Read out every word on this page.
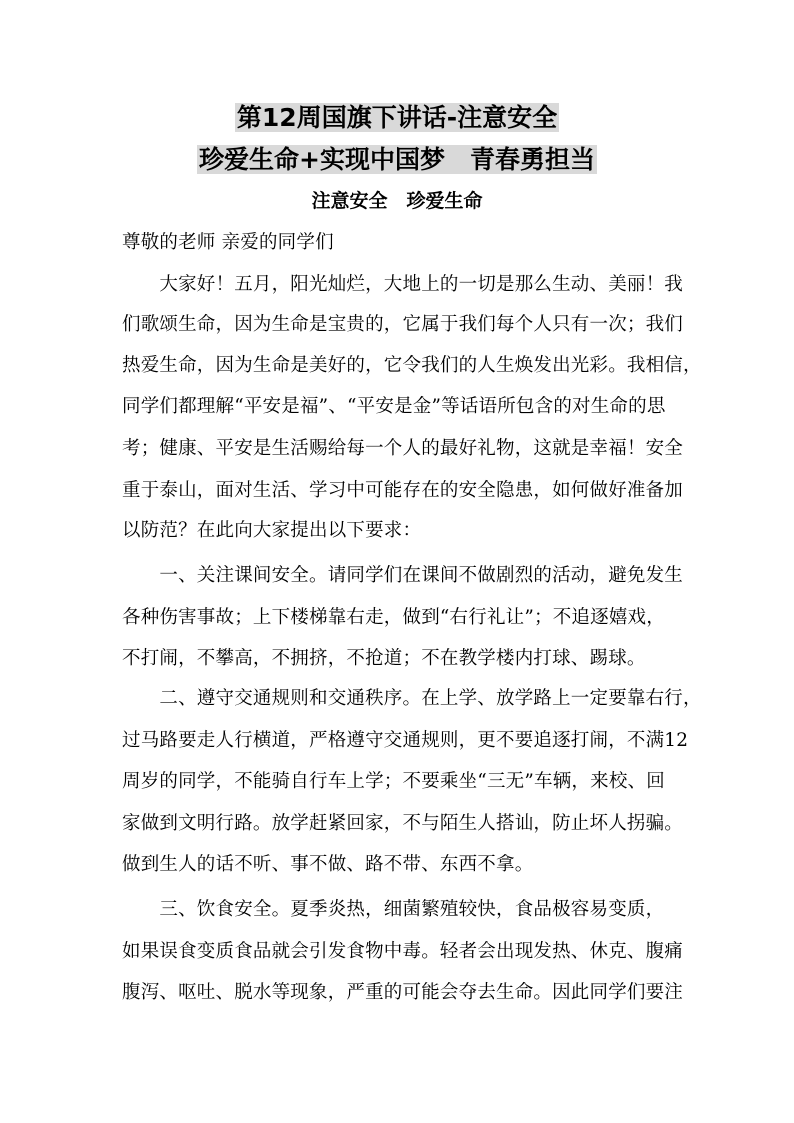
第12周国旗下讲话-注意安全
珍爱生命+实现中国梦　青春勇担当
注意安全　珍爱生命
尊敬的老师 亲爱的同学们
　　大家好！五月，阳光灿烂，大地上的一切是那么生动、美丽！我
们歌颂生命，因为生命是宝贵的，它属于我们每个人只有一次；我们
热爱生命，因为生命是美好的，它令我们的人生焕发出光彩。我相信，
同学们都理解“平安是福”、“平安是金”等话语所包含的对生命的思
考；健康、平安是生活赐给每一个人的最好礼物，这就是幸福！安全
重于泰山，面对生活、学习中可能存在的安全隐患，如何做好准备加
以防范？在此向大家提出以下要求：
　　一、关注课间安全。请同学们在课间不做剧烈的活动，避免发生
各种伤害事故；上下楼梯靠右走，做到“右行礼让”；不追逐嬉戏，
不打闹，不攀高，不拥挤，不抢道；不在教学楼内打球、踢球。
　　二、遵守交通规则和交通秩序。在上学、放学路上一定要靠右行，
过马路要走人行横道，严格遵守交通规则，更不要追逐打闹，不满12
周岁的同学，不能骑自行车上学；不要乘坐“三无”车辆，来校、回
家做到文明行路。放学赶紧回家，不与陌生人搭讪，防止坏人拐骗。
做到生人的话不听、事不做、路不带、东西不拿。
　　三、饮食安全。夏季炎热，细菌繁殖较快，食品极容易变质，
如果误食变质食品就会引发食物中毒。轻者会出现发热、休克、腹痛
腹泻、呕吐、脱水等现象，严重的可能会夺去生命。因此同学们要注
